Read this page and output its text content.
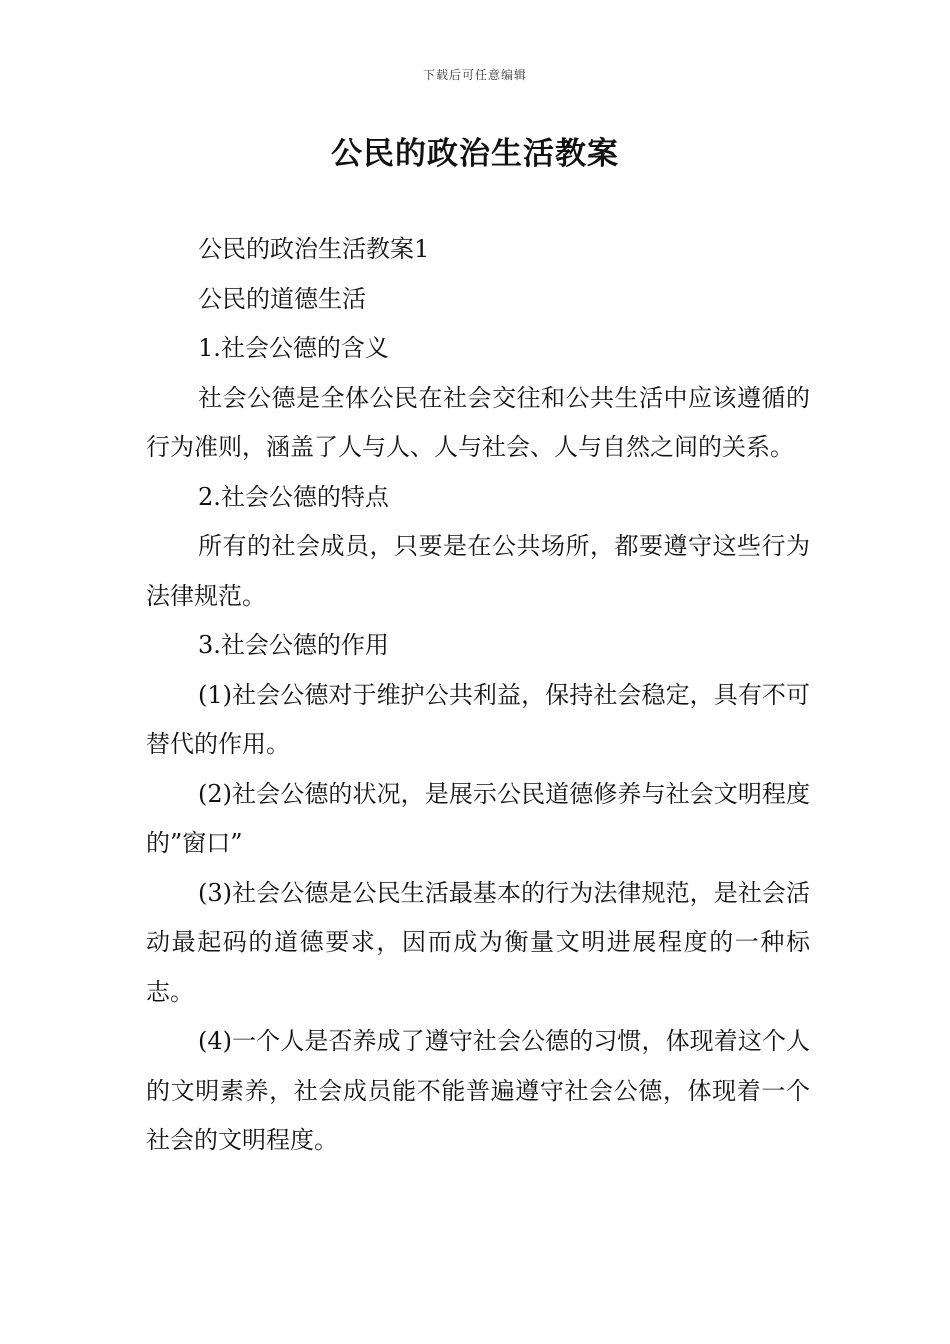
下载后可任意编辑
公民的政治生活教案

公民的政治生活教案1

公民的道德生活

1.社会公德的含义

社会公德是全体公民在社会交往和公共生活中应该遵循的行为准则，涵盖了人与人、人与社会、人与自然之间的关系。

2.社会公德的特点

所有的社会成员，只要是在公共场所，都要遵守这些行为法律规范。

3.社会公德的作用

(1)社会公德对于维护公共利益，保持社会稳定，具有不可替代的作用。

(2)社会公德的状况，是展示公民道德修养与社会文明程度的”窗口”

(3)社会公德是公民生活最基本的行为法律规范，是社会活动最起码的道德要求，因而成为衡量文明进展程度的一种标志。

(4)一个人是否养成了遵守社会公德的习惯，体现着这个人的文明素养，社会成员能不能普遍遵守社会公德，体现着一个社会的文明程度。
